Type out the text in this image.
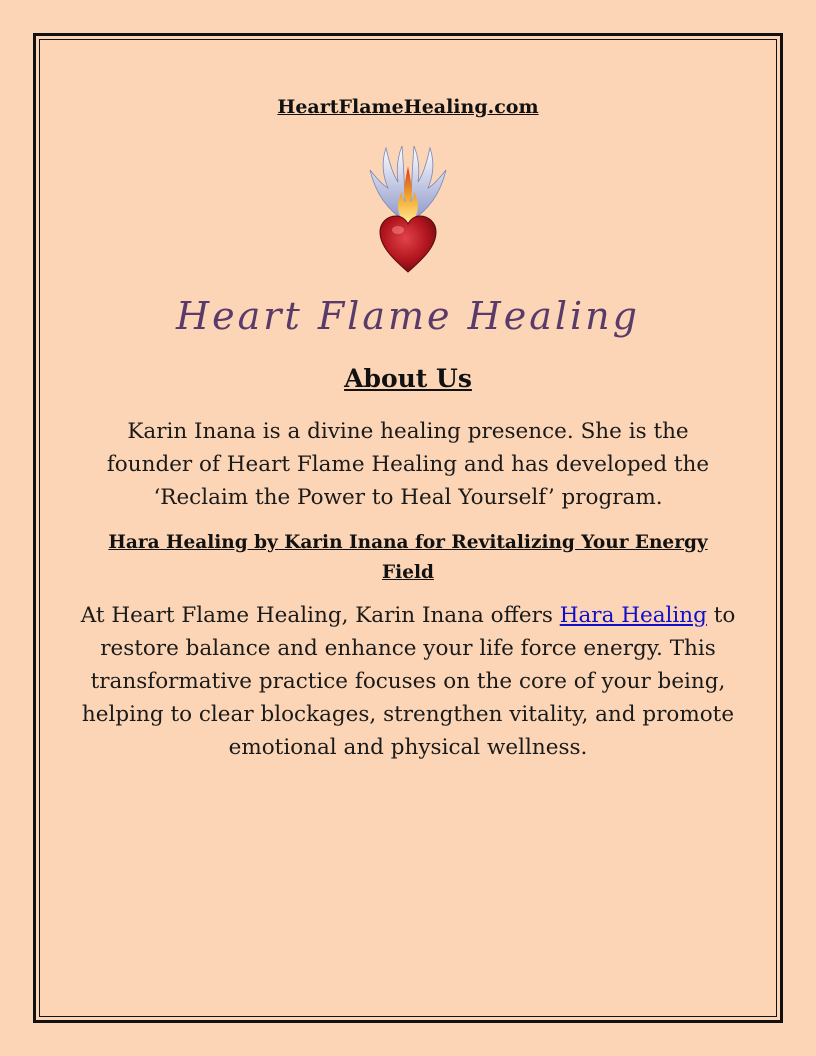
HeartFlameHealing.com
Heart Flame Healing
About Us
Karin Inana is a divine healing presence. She is the founder of Heart Flame Healing and has developed the ‘Reclaim the Power to Heal Yourself’ program.
Hara Healing by Karin Inana for Revitalizing Your Energy Field
At Heart Flame Healing, Karin Inana offers Hara Healing to restore balance and enhance your life force energy. This transformative practice focuses on the core of your being, helping to clear blockages, strengthen vitality, and promote emotional and physical wellness.
